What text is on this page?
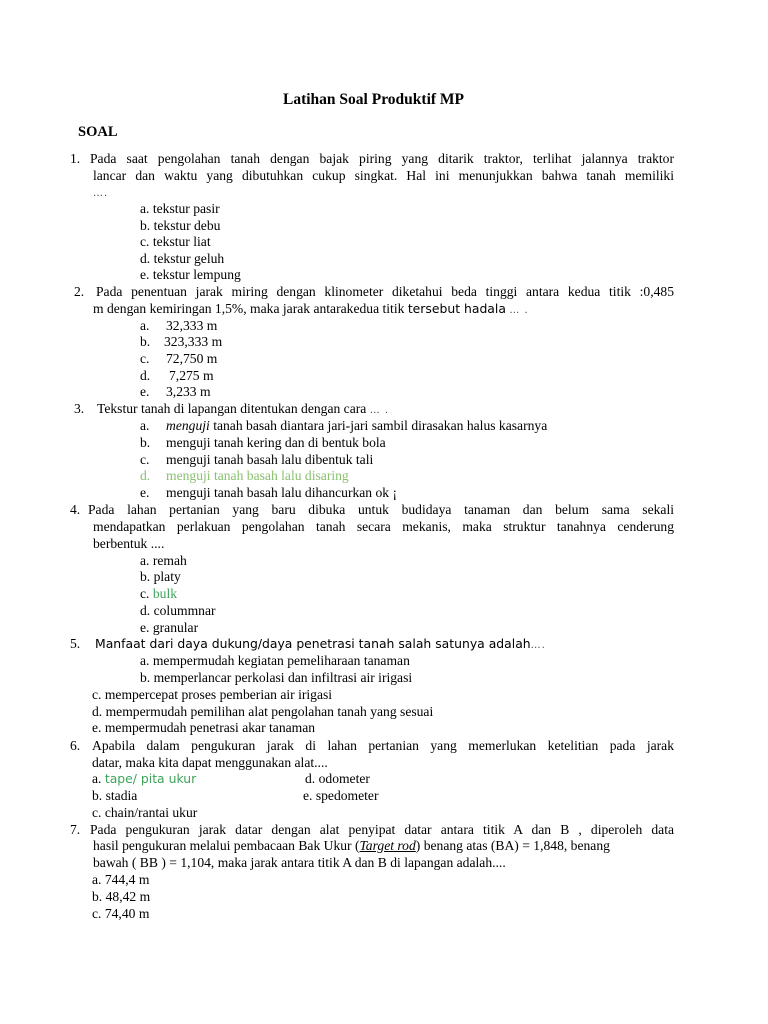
Latihan Soal Produktif MP
SOAL
1. Pada saat pengolahan tanah dengan bajak piring yang ditarik traktor, terlihat jalannya traktor
lancar dan waktu yang dibutuhkan cukup singkat. Hal ini menunjukkan bahwa tanah memiliki
….
a. tekstur pasir
b. tekstur debu
c. tekstur liat
d. tekstur geluh
e. tekstur lempung
2. Pada penentuan jarak miring dengan klinometer diketahui beda tinggi antara kedua titik :0,485
m dengan kemiringan 1,5%, maka jarak antarakedua titik tersebut hadala … .
a. 32,333 m
b. 323,333 m
c. 72,750 m
d. 7,275 m
e. 3,233 m
3. Tekstur tanah di lapangan ditentukan dengan cara … .
a. menguji tanah basah diantara jari-jari sambil dirasakan halus kasarnya
b. menguji tanah kering dan di bentuk bola
c. menguji tanah basah lalu dibentuk tali
d. menguji tanah basah lalu disaring
e. menguji tanah basah lalu dihancurkan ok ¡
4. Pada lahan pertanian yang baru dibuka untuk budidaya tanaman dan belum sama sekali
mendapatkan perlakuan pengolahan tanah secara mekanis, maka struktur tanahnya cenderung
berbentuk ....
a. remah
b. platy
c. bulk
d. colummnar
e. granular
5. Manfaat dari daya dukung/daya penetrasi tanah salah satunya adalah….
a. mempermudah kegiatan pemeliharaan tanaman
b. memperlancar perkolasi dan infiltrasi air irigasi
c. mempercepat proses pemberian air irigasi
d. mempermudah pemilihan alat pengolahan tanah yang sesuai
e. mempermudah penetrasi akar tanaman
6. Apabila dalam pengukuran jarak di lahan pertanian yang memerlukan ketelitian pada jarak
datar, maka kita dapat menggunakan alat....
a. tape/ pita ukur	d. odometer
b. stadia	e. spedometer
c. chain/rantai ukur
7. Pada pengukuran jarak datar dengan alat penyipat datar antara titik A dan B , diperoleh data
hasil pengukuran melalui pembacaan Bak Ukur (Target rod) benang atas (BA) = 1,848, benang
bawah ( BB ) = 1,104, maka jarak antara titik A dan B di lapangan adalah....
a. 744,4 m
b. 48,42 m
c. 74,40 m
